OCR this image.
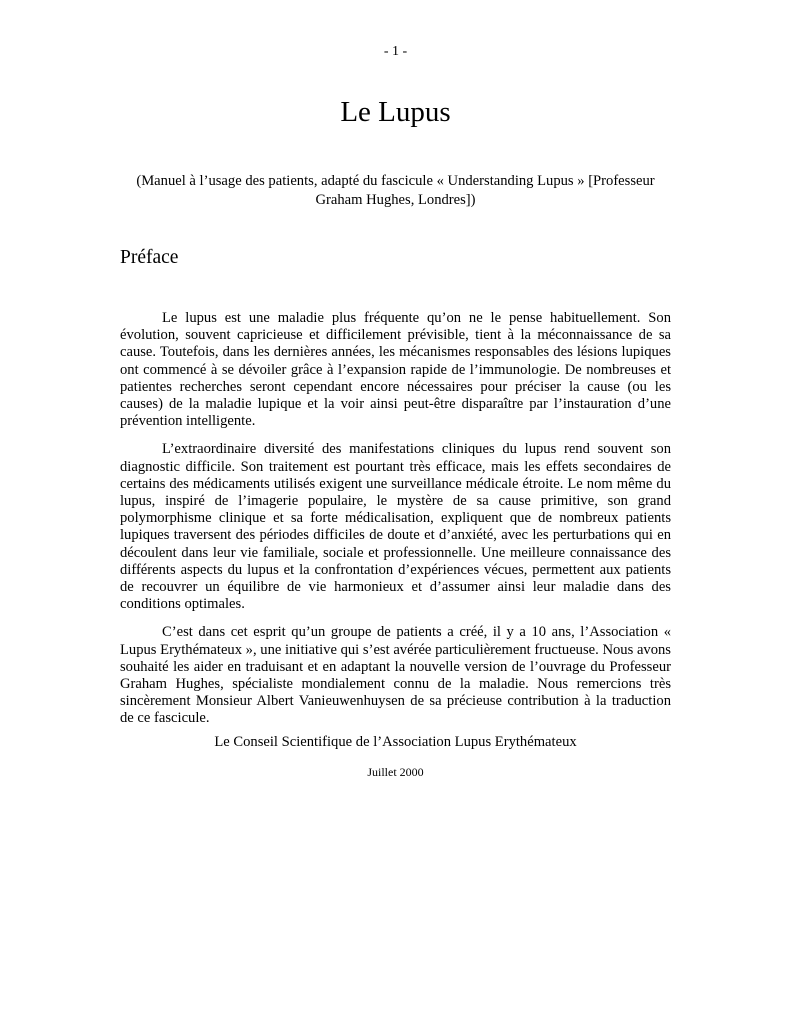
- 1 -
Le Lupus

(Manuel à l’usage des patients, adapté du fascicule « Understanding Lupus » [Professeur Graham Hughes, Londres])

Préface

Le lupus est une maladie plus fréquente qu’on ne le pense habituellement. Son évolution, souvent capricieuse et difficilement prévisible, tient à la méconnaissance de sa cause. Toutefois, dans les dernières années, les mécanismes responsables des lésions lupiques ont commencé à se dévoiler grâce à l’expansion rapide de l’immunologie. De nombreuses et patientes recherches seront cependant encore nécessaires pour préciser la cause (ou les causes) de la maladie lupique et la voir ainsi peut-être disparaître par l’instauration d’une prévention intelligente.

L’extraordinaire diversité des manifestations cliniques du lupus rend souvent son diagnostic difficile. Son traitement est pourtant très efficace, mais les effets secondaires de certains des médicaments utilisés exigent une surveillance médicale étroite. Le nom même du lupus, inspiré de l’imagerie populaire, le mystère de sa cause primitive, son grand polymorphisme clinique et sa forte médicalisation, expliquent que de nombreux patients lupiques traversent des périodes difficiles de doute et d’anxiété, avec les perturbations qui en découlent dans leur vie familiale, sociale et professionnelle. Une meilleure connaissance des différents aspects du lupus et la confrontation d’expériences vécues, permettent aux patients de recouvrer un équilibre de vie harmonieux et d’assumer ainsi leur maladie dans des conditions optimales.

C’est dans cet esprit qu’un groupe de patients a créé, il y a 10 ans, l’Association « Lupus Erythémateux », une initiative qui s’est avérée particulièrement fructueuse. Nous avons souhaité les aider en traduisant et en adaptant la nouvelle version de l’ouvrage du Professeur Graham Hughes, spécialiste mondialement connu de la maladie. Nous remercions très sincèrement Monsieur Albert Vanieuwenhuysen de sa précieuse contribution à la traduction de ce fascicule.

Le Conseil Scientifique de l’Association Lupus Erythémateux
Juillet 2000
